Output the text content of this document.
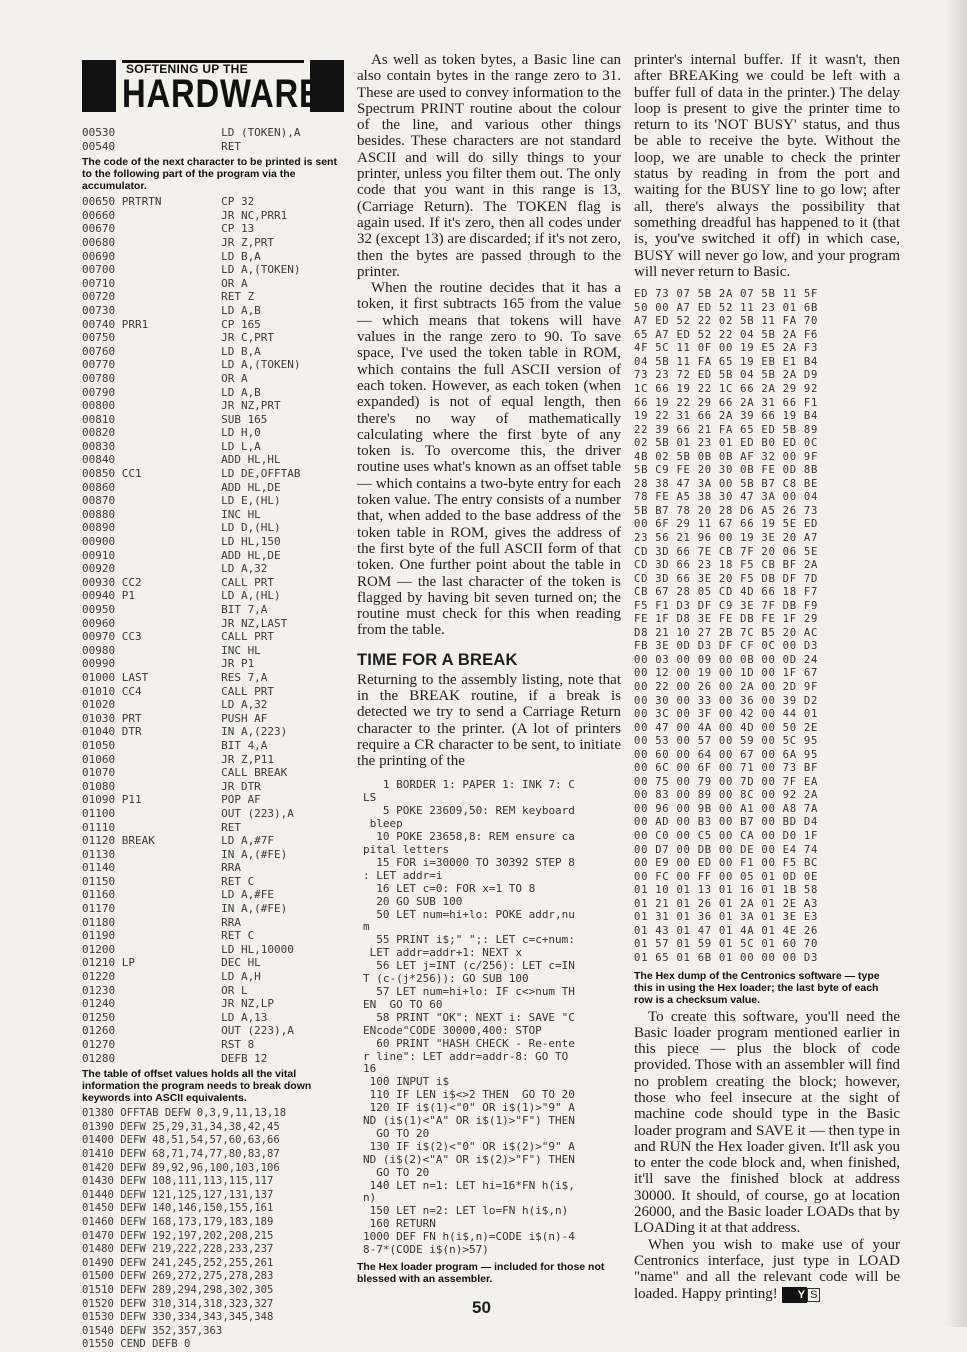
SOFTENING UP THE
HARDWARE
00530                LD (TOKEN),A
00540                RET
The code of the next character to be printed is sent to the following part of the program via the accumulator.
00650 PRTRTN         CP 32
00660                JR NC,PRR1
00670                CP 13
00680                JR Z,PRT
00690                LD B,A
00700                LD A,(TOKEN)
00710                OR A
00720                RET Z
00730                LD A,B
00740 PRR1           CP 165
00750                JR C,PRT
00760                LD B,A
00770                LD A,(TOKEN)
00780                OR A
00790                LD A,B
00800                JR NZ,PRT
00810                SUB 165
00820                LD H,0
00830                LD L,A
00840                ADD HL,HL
00850 CC1            LD DE,OFFTAB
00860                ADD HL,DE
00870                LD E,(HL)
00880                INC HL
00890                LD D,(HL)
00900                LD HL,150
00910                ADD HL,DE
00920                LD A,32
00930 CC2            CALL PRT
00940 P1             LD A,(HL)
00950                BIT 7,A
00960                JR NZ,LAST
00970 CC3            CALL PRT
00980                INC HL
00990                JR P1
01000 LAST           RES 7,A
01010 CC4            CALL PRT
01020                LD A,32
01030 PRT            PUSH AF
01040 DTR            IN A,(223)
01050                BIT 4,A
01060                JR Z,P11
01070                CALL BREAK
01080                JR DTR
01090 P11            POP AF
01100                OUT (223),A
01110                RET
01120 BREAK          LD A,#7F
01130                IN A,(#FE)
01140                RRA
01150                RET C
01160                LD A,#FE
01170                IN A,(#FE)
01180                RRA
01190                RET C
01200                LD HL,10000
01210 LP             DEC HL
01220                LD A,H
01230                OR L
01240                JR NZ,LP
01250                LD A,13
01260                OUT (223),A
01270                RST 8
01280                DEFB 12
The table of offset values holds all the vital information the program needs to break down keywords into ASCII equivalents.
01380 OFFTAB DEFW 0,3,9,11,13,18
01390 DEFW 25,29,31,34,38,42,45
01400 DEFW 48,51,54,57,60,63,66
01410 DEFW 68,71,74,77,80,83,87
01420 DEFW 89,92,96,100,103,106
01430 DEFW 108,111,113,115,117
01440 DEFW 121,125,127,131,137
01450 DEFW 140,146,150,155,161
01460 DEFW 168,173,179,183,189
01470 DEFW 192,197,202,208,215
01480 DEFW 219,222,228,233,237
01490 DEFW 241,245,252,255,261
01500 DEFW 269,272,275,278,283
01510 DEFW 289,294,298,302,305
01520 DEFW 310,314,318,323,327
01530 DEFW 330,334,343,345,348
01540 DEFW 352,357,363
01550 CEND DEFB 0

As well as token bytes, a Basic line can also contain bytes in the range zero to 31. These are used to convey information to the Spectrum PRINT routine about the colour of the line, and various other things besides. These characters are not standard ASCII and will do silly things to your printer, unless you filter them out. The only code that you want in this range is 13, (Carriage Return). The TOKEN flag is again used. If it's zero, then all codes under 32 (except 13) are discarded; if it's not zero, then the bytes are passed through to the printer.

When the routine decides that it has a token, it first subtracts 165 from the value — which means that tokens will have values in the range zero to 90. To save space, I've used the token table in ROM, which contains the full ASCII version of each token. However, as each token (when expanded) is not of equal length, then there's no way of mathematically calculating where the first byte of any token is. To overcome this, the driver routine uses what's known as an offset table — which contains a two-byte entry for each token value. The entry consists of a number that, when added to the base address of the token table in ROM, gives the address of the first byte of the full ASCII form of that token. One further point about the table in ROM — the last character of the token is flagged by having bit seven turned on; the routine must check for this when reading from the table.

TIME FOR A BREAK

Returning to the assembly listing, note that in the BREAK routine, if a break is detected we try to send a Carriage Return character to the printer. (A lot of printers require a CR character to be sent, to initiate the printing of the

1 BORDER 1: PAPER 1: INK 7: C
LS
5 POKE 23609,50: REM keyboard
bleep
10 POKE 23658,8: REM ensure ca
pital letters
15 FOR i=30000 TO 30392 STEP 8
: LET addr=i
16 LET c=0: FOR x=1 TO 8
20 GO SUB 100
50 LET num=hi+lo: POKE addr,nu
m
55 PRINT i$;" ";: LET c=c+num:
LET addr=addr+1: NEXT x
56 LET j=INT (c/256): LET c=IN
T (c-(j*256)): GO SUB 100
57 LET num=hi+lo: IF c<>num TH
EN  GO TO 60
58 PRINT "OK": NEXT i: SAVE "C
ENcode"CODE 30000,400: STOP
60 PRINT "HASH CHECK - Re-ente
r line": LET addr=addr-8: GO TO
16
100 INPUT i$
110 IF LEN i$<>2 THEN  GO TO 20
120 IF i$(1)<"0" OR i$(1)>"9" A
ND (i$(1)<"A" OR i$(1)>"F") THEN
GO TO 20
130 IF i$(2)<"0" OR i$(2)>"9" A
ND (i$(2)<"A" OR i$(2)>"F") THEN
GO TO 20
140 LET n=1: LET hi=16*FN h(i$,
n)
150 LET n=2: LET lo=FN h(i$,n)
160 RETURN
1000 DEF FN h(i$,n)=CODE i$(n)-4
8-7*(CODE i$(n)>57)
The Hex loader program — included for those not blessed with an assembler.

printer's internal buffer. If it wasn't, then after BREAKing we could be left with a buffer full of data in the printer.) The delay loop is present to give the printer time to return to its 'NOT BUSY' status, and thus be able to receive the byte. Without the loop, we are unable to check the printer status by reading in from the port and waiting for the BUSY line to go low; after all, there's always the possibility that something dreadful has happened to it (that is, you've switched it off) in which case, BUSY will never go low, and your program will never return to Basic.

ED 73 07 5B 2A 07 5B 11 5F
50 00 A7 ED 52 11 23 01 6B
A7 ED 52 22 02 5B 11 FA 70
65 A7 ED 52 22 04 5B 2A F6
4F 5C 11 0F 00 19 E5 2A F3
04 5B 11 FA 65 19 EB E1 B4
73 23 72 ED 5B 04 5B 2A D9
1C 66 19 22 1C 66 2A 29 92
66 19 22 29 66 2A 31 66 F1
19 22 31 66 2A 39 66 19 B4
22 39 66 21 FA 65 ED 5B 89
02 5B 01 23 01 ED B0 ED 0C
4B 02 5B 0B 0B AF 32 00 9F
5B C9 FE 20 30 0B FE 0D 8B
28 38 47 3A 00 5B B7 C8 BE
78 FE A5 38 30 47 3A 00 04
5B B7 78 20 28 D6 A5 26 73
00 6F 29 11 67 66 19 5E ED
23 56 21 96 00 19 3E 20 A7
CD 3D 66 7E CB 7F 20 06 5E
CD 3D 66 23 18 F5 CB BF 2A
CD 3D 66 3E 20 F5 DB DF 7D
CB 67 28 05 CD 4D 66 18 F7
F5 F1 D3 DF C9 3E 7F DB F9
FE 1F D8 3E FE DB FE 1F 29
D8 21 10 27 2B 7C B5 20 AC
FB 3E 0D D3 DF CF 0C 00 D3
00 03 00 09 00 0B 00 0D 24
00 12 00 19 00 1D 00 1F 67
00 22 00 26 00 2A 00 2D 9F
00 30 00 33 00 36 00 39 D2
00 3C 00 3F 00 42 00 44 01
00 47 00 4A 00 4D 00 50 2E
00 53 00 57 00 59 00 5C 95
00 60 00 64 00 67 00 6A 95
00 6C 00 6F 00 71 00 73 BF
00 75 00 79 00 7D 00 7F EA
00 83 00 89 00 8C 00 92 2A
00 96 00 9B 00 A1 00 A8 7A
00 AD 00 B3 00 B7 00 BD D4
00 C0 00 C5 00 CA 00 D0 1F
00 D7 00 DB 00 DE 00 E4 74
00 E9 00 ED 00 F1 00 F5 BC
00 FC 00 FF 00 05 01 0D 0E
01 10 01 13 01 16 01 1B 58
01 21 01 26 01 2A 01 2E A3
01 31 01 36 01 3A 01 3E E3
01 43 01 47 01 4A 01 4E 26
01 57 01 59 01 5C 01 60 70
01 65 01 6B 01 00 00 00 D3
The Hex dump of the Centronics software — type this in using the Hex loader; the last byte of each row is a checksum value.

To create this software, you'll need the Basic loader program mentioned earlier in this piece — plus the block of code provided. Those with an assembler will find no problem creating the block; however, those who feel insecure at the sight of machine code should type in the Basic loader program and SAVE it — then type in and RUN the Hex loader given. It'll ask you to enter the code block and, when finished, it'll save the finished block at address 30000. It should, of course, go at location 26000, and the Basic loader LOADs that by LOADing it at that address.

When you wish to make use of your Centronics interface, just type in LOAD "name" and all the relevant code will be loaded. Happy printing! Y S

50
